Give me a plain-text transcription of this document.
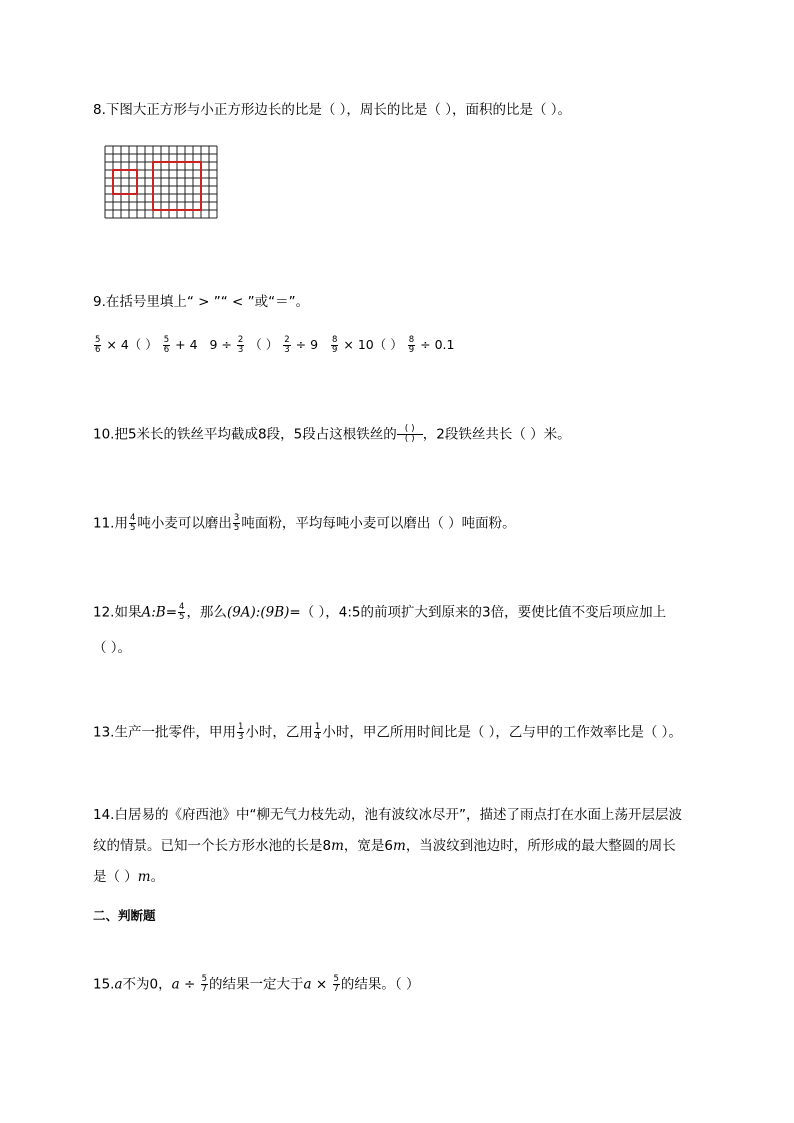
8.下图大正方形与小正方形边长的比是（ ），周长的比是（ ），面积的比是（ ）。
9.在括号里填上“ > ”“ < ”或“＝”。
$\frac{5}{6} \times 4$（ ） $\frac{5}{6} + 4$ $9 \div \frac{2}{3}$ （ ） $\frac{2}{3} \div 9 \frac{8}{9} \times 10$（ ） $\frac{8}{9} \div 0.1$
10.把5米长的铁丝平均截成8段，5段占这根铁丝的 $\frac{( )}{( )}$，2段铁丝共长（ ）米。
11.用 $\frac{4}{5}$ 吨小麦可以磨出 $\frac{3}{5}$ 吨面粉，平均每吨小麦可以磨出（ ）吨面粉。
12.如果A:B= $\frac{4}{5}$ ，那么(9A):(9B)=（ ），4:5的前项扩大到原来的3倍，要使比值不变后项应加上
（ ）。
13.生产一批零件，甲用 $\frac{1}{3}$ 小时，乙用 $\frac{1}{4}$ 小时，甲乙所用时间比是（ ），乙与甲的工作效率比是（ ）。
14.白居易的《府西池》中“柳无气力枝先动，池有波纹冰尽开”，描述了雨点打在水面上荡开层层波
纹的情景。已知一个长方形水池的长是8m，宽是6m，当波纹到池边时，所形成的最大整圆的周长
是（ ）m。
二、判断题
15.a不为0，$a \div \frac{5}{7}$ 的结果一定大于$a \times \frac{5}{7}$ 的结果。（ ）
